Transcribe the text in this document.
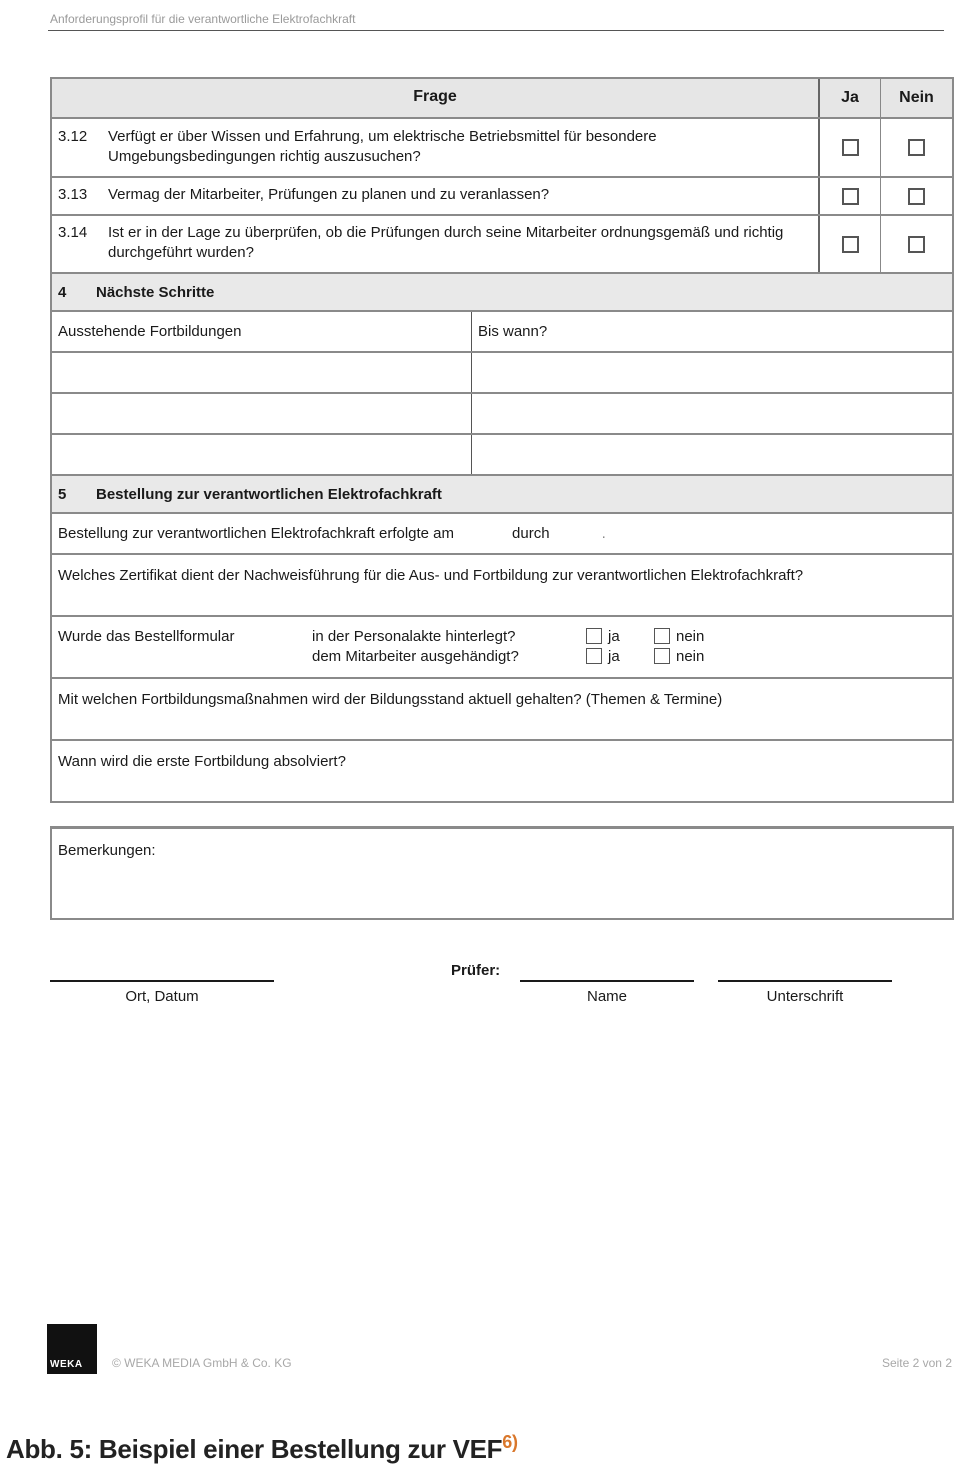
Anforderungsprofil für die verantwortliche Elektrofachkraft
Frage	Ja	Nein
3.12	Verfügt er über Wissen und Erfahrung, um elektrische Betriebsmittel für besondere Umgebungsbedingungen richtig auszusuchen?
3.13	Vermag der Mitarbeiter, Prüfungen zu planen und zu veranlassen?
3.14	Ist er in der Lage zu überprüfen, ob die Prüfungen durch seine Mitarbeiter ordnungsgemäß und richtig durchgeführt wurden?
4	Nächste Schritte
Ausstehende Fortbildungen	Bis wann?
5	Bestellung zur verantwortlichen Elektrofachkraft
Bestellung zur verantwortlichen Elektrofachkraft erfolgte am	durch	.
Welches Zertifikat dient der Nachweisführung für die Aus- und Fortbildung zur verantwortlichen Elektrofachkraft?
Wurde das Bestellformular	in der Personalakte hinterlegt?	ja	nein
dem Mitarbeiter ausgehändigt?	ja	nein
Mit welchen Fortbildungsmaßnahmen wird der Bildungsstand aktuell gehalten? (Themen & Termine)
Wann wird die erste Fortbildung absolviert?
Bemerkungen:
Ort, Datum
Prüfer:
Name	Unterschrift
WEKA © WEKA MEDIA GmbH & Co. KG	Seite 2 von 2
Abb. 5: Beispiel einer Bestellung zur VEF$^{6)}$
